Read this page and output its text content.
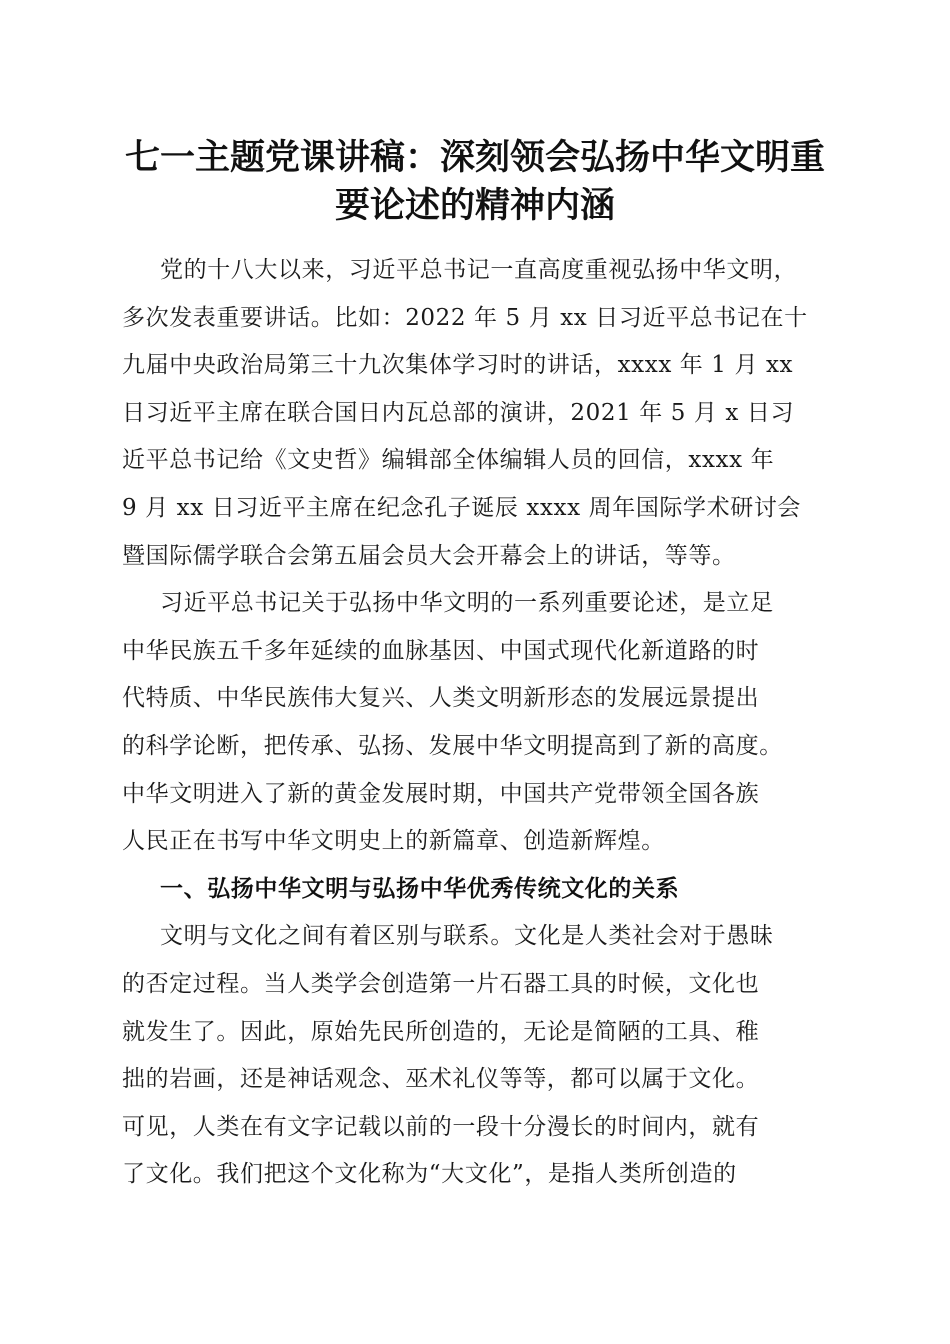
七一主题党课讲稿：深刻领会弘扬中华文明重
要论述的精神内涵
党的十八大以来，习近平总书记一直高度重视弘扬中华文明，
多次发表重要讲话。比如：2022 年 5 月 xx 日习近平总书记在十
九届中央政治局第三十九次集体学习时的讲话，xxxx 年 1 月 xx
日习近平主席在联合国日内瓦总部的演讲，2021 年 5 月 x 日习
近平总书记给《文史哲》编辑部全体编辑人员的回信，xxxx 年
9 月 xx 日习近平主席在纪念孔子诞辰 xxxx 周年国际学术研讨会
暨国际儒学联合会第五届会员大会开幕会上的讲话，等等。
习近平总书记关于弘扬中华文明的一系列重要论述，是立足
中华民族五千多年延续的血脉基因、中国式现代化新道路的时
代特质、中华民族伟大复兴、人类文明新形态的发展远景提出
的科学论断，把传承、弘扬、发展中华文明提高到了新的高度。
中华文明进入了新的黄金发展时期，中国共产党带领全国各族
人民正在书写中华文明史上的新篇章、创造新辉煌。
一、弘扬中华文明与弘扬中华优秀传统文化的关系
文明与文化之间有着区别与联系。文化是人类社会对于愚昧
的否定过程。当人类学会创造第一片石器工具的时候，文化也
就发生了。因此，原始先民所创造的，无论是简陋的工具、稚
拙的岩画，还是神话观念、巫术礼仪等等，都可以属于文化。
可见，人类在有文字记载以前的一段十分漫长的时间内，就有
了文化。我们把这个文化称为“大文化”，是指人类所创造的
